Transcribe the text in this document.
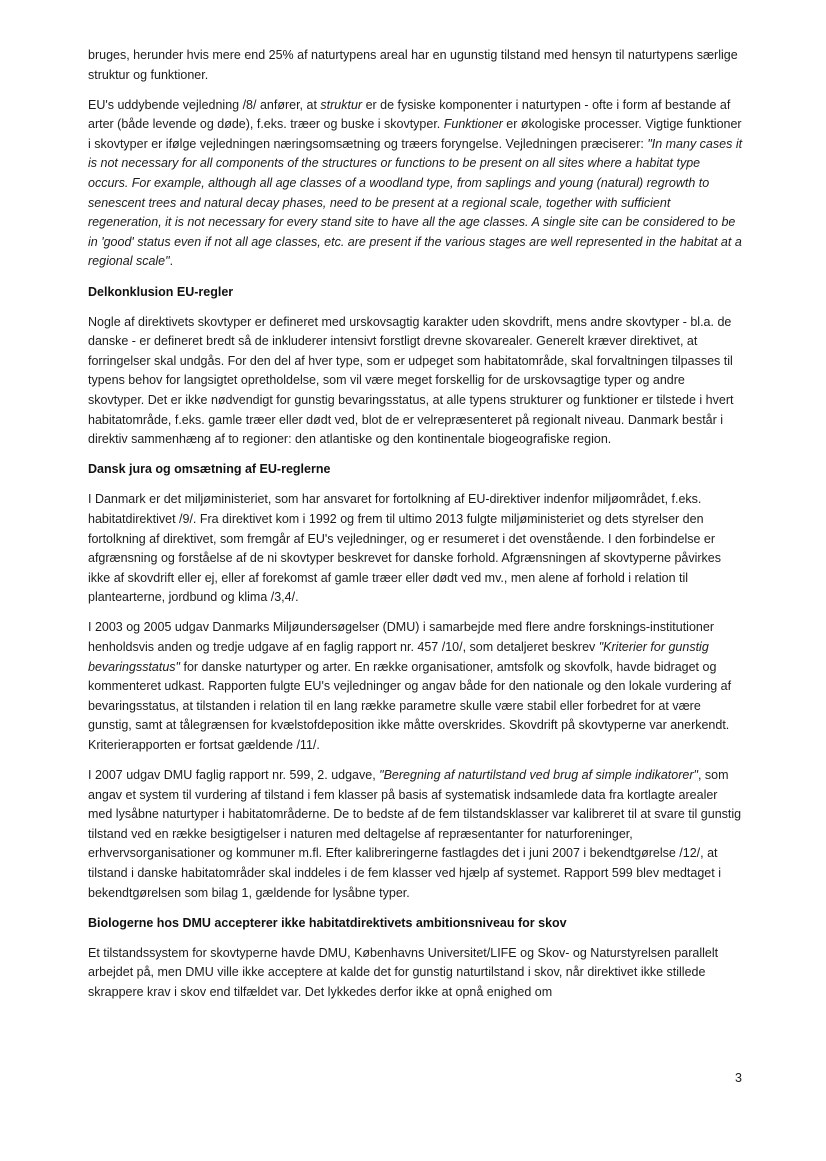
bruges, herunder hvis mere end 25% af naturtypens areal har en ugunstig tilstand med hensyn til naturtypens særlige struktur og funktioner.

EU's uddybende vejledning /8/ anfører, at struktur er de fysiske komponenter i naturtypen - ofte i form af bestande af arter (både levende og døde), f.eks. træer og buske i skovtyper. Funktioner er økologiske processer. Vigtige funktioner i skovtyper er ifølge vejledningen næringsomsætning og træers foryngelse. Vejledningen præciserer: "In many cases it is not necessary for all components of the structures or functions to be present on all sites where a habitat type occurs. For example, although all age classes of a woodland type, from saplings and young (natural) regrowth to senescent trees and natural decay phases, need to be present at a regional scale, together with sufficient regeneration, it is not necessary for every stand site to have all the age classes. A single site can be considered to be in 'good' status even if not all age classes, etc. are present if the various stages are well represented in the habitat at a regional scale".

Delkonklusion EU-regler

Nogle af direktivets skovtyper er defineret med urskovsagtig karakter uden skovdrift, mens andre skovtyper - bl.a. de danske - er defineret bredt så de inkluderer intensivt forstligt drevne skovarealer. Generelt kræver direktivet, at forringelser skal undgås. For den del af hver type, som er udpeget som habitatområde, skal forvaltningen tilpasses til typens behov for langsigtet opretholdelse, som vil være meget forskellig for de urskovsagtige typer og andre skovtyper. Det er ikke nødvendigt for gunstig bevaringsstatus, at alle typens strukturer og funktioner er tilstede i hvert habitatområde, f.eks. gamle træer eller dødt ved, blot de er velrepræsenteret på regionalt niveau. Danmark består i direktiv sammenhæng af to regioner: den atlantiske og den kontinentale biogeografiske region.

Dansk jura og omsætning af EU-reglerne

I Danmark er det miljøministeriet, som har ansvaret for fortolkning af EU-direktiver indenfor miljøområdet, f.eks. habitatdirektivet /9/. Fra direktivet kom i 1992 og frem til ultimo 2013 fulgte miljøministeriet og dets styrelser den fortolkning af direktivet, som fremgår af EU's vejledninger, og er resumeret i det ovenstående. I den forbindelse er afgrænsning og forståelse af de ni skovtyper beskrevet for danske forhold. Afgrænsningen af skovtyperne påvirkes ikke af skovdrift eller ej, eller af forekomst af gamle træer eller dødt ved mv., men alene af forhold i relation til plantearterne, jordbund og klima /3,4/.

I 2003 og 2005 udgav Danmarks Miljøundersøgelser (DMU) i samarbejde med flere andre forsknings-institutioner henholdsvis anden og tredje udgave af en faglig rapport nr. 457 /10/, som detaljeret beskrev "Kriterier for gunstig bevaringsstatus" for danske naturtyper og arter. En række organisationer, amtsfolk og skovfolk, havde bidraget og kommenteret udkast. Rapporten fulgte EU's vejledninger og angav både for den nationale og den lokale vurdering af bevaringsstatus, at tilstanden i relation til en lang række parametre skulle være stabil eller forbedret for at være gunstig, samt at tålegrænsen for kvælstofdeposition ikke måtte overskrides. Skovdrift på skovtyperne var anerkendt. Kriterierapporten er fortsat gældende /11/.

I 2007 udgav DMU faglig rapport nr. 599, 2. udgave, "Beregning af naturtilstand ved brug af simple indikatorer", som angav et system til vurdering af tilstand i fem klasser på basis af systematisk indsamlede data fra kortlagte arealer med lysåbne naturtyper i habitatområderne. De to bedste af de fem tilstandsklasser var kalibreret til at svare til gunstig tilstand ved en række besigtigelser i naturen med deltagelse af repræsentanter for naturforeninger, erhvervsorganisationer og kommuner m.fl. Efter kalibreringerne fastlagdes det i juni 2007 i bekendtgørelse /12/, at tilstand i danske habitatområder skal inddeles i de fem klasser ved hjælp af systemet. Rapport 599 blev medtaget i bekendtgørelsen som bilag 1, gældende for lysåbne typer.

Biologerne hos DMU accepterer ikke habitatdirektivets ambitionsniveau for skov

Et tilstandssystem for skovtyperne havde DMU, Københavns Universitet/LIFE og Skov- og Naturstyrelsen parallelt arbejdet på, men DMU ville ikke acceptere at kalde det for gunstig naturtilstand i skov, når direktivet ikke stillede skrappere krav i skov end tilfældet var. Det lykkedes derfor ikke at opnå enighed om

3
